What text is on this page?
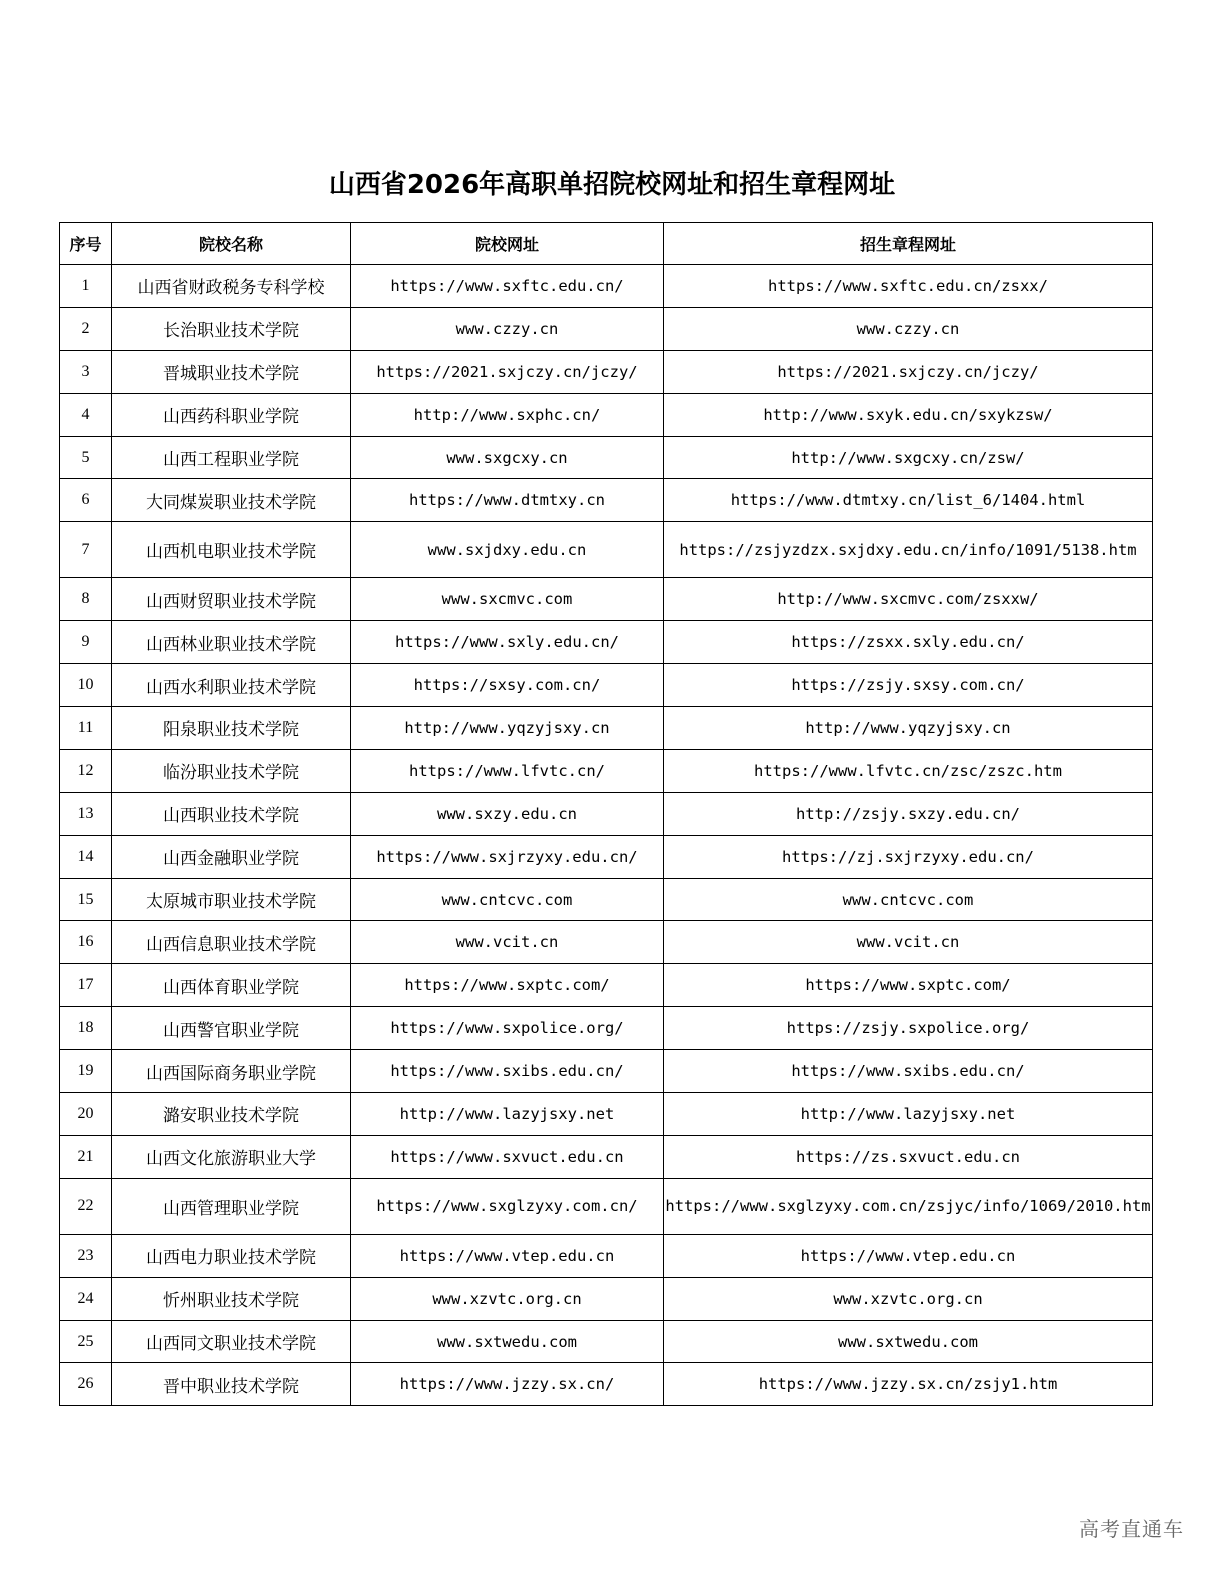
山西省2026年高职单招院校网址和招生章程网址
序号	院校名称	院校网址	招生章程网址
1	山西省财政税务专科学校	https://www.sxftc.edu.cn/	https://www.sxftc.edu.cn/zsxx/
2	长治职业技术学院	www.czzy.cn	www.czzy.cn
3	晋城职业技术学院	https://2021.sxjczy.cn/jczy/	https://2021.sxjczy.cn/jczy/
4	山西药科职业学院	http://www.sxphc.cn/	http://www.sxyk.edu.cn/sxykzsw/
5	山西工程职业学院	www.sxgcxy.cn	http://www.sxgcxy.cn/zsw/
6	大同煤炭职业技术学院	https://www.dtmtxy.cn	https://www.dtmtxy.cn/list_6/1404.html
7	山西机电职业技术学院	www.sxjdxy.edu.cn	https://zsjyzdzx.sxjdxy.edu.cn/info/1091/5138.htm
8	山西财贸职业技术学院	www.sxcmvc.com	http://www.sxcmvc.com/zsxxw/
9	山西林业职业技术学院	https://www.sxly.edu.cn/	https://zsxx.sxly.edu.cn/
10	山西水利职业技术学院	https://sxsy.com.cn/	https://zsjy.sxsy.com.cn/
11	阳泉职业技术学院	http://www.yqzyjsxy.cn	http://www.yqzyjsxy.cn
12	临汾职业技术学院	https://www.lfvtc.cn/	https://www.lfvtc.cn/zsc/zszc.htm
13	山西职业技术学院	www.sxzy.edu.cn	http://zsjy.sxzy.edu.cn/
14	山西金融职业学院	https://www.sxjrzyxy.edu.cn/	https://zj.sxjrzyxy.edu.cn/
15	太原城市职业技术学院	www.cntcvc.com	www.cntcvc.com
16	山西信息职业技术学院	www.vcit.cn	www.vcit.cn
17	山西体育职业学院	https://www.sxptc.com/	https://www.sxptc.com/
18	山西警官职业学院	https://www.sxpolice.org/	https://zsjy.sxpolice.org/
19	山西国际商务职业学院	https://www.sxibs.edu.cn/	https://www.sxibs.edu.cn/
20	潞安职业技术学院	http://www.lazyjsxy.net	http://www.lazyjsxy.net
21	山西文化旅游职业大学	https://www.sxvuct.edu.cn	https://zs.sxvuct.edu.cn
22	山西管理职业学院	https://www.sxglzyxy.com.cn/	https://www.sxglzyxy.com.cn/zsjyc/info/1069/2010.htm
23	山西电力职业技术学院	https://www.vtep.edu.cn	https://www.vtep.edu.cn
24	忻州职业技术学院	www.xzvtc.org.cn	www.xzvtc.org.cn
25	山西同文职业技术学院	www.sxtwedu.com	www.sxtwedu.com
26	晋中职业技术学院	https://www.jzzy.sx.cn/	https://www.jzzy.sx.cn/zsjy1.htm
高考直通车
